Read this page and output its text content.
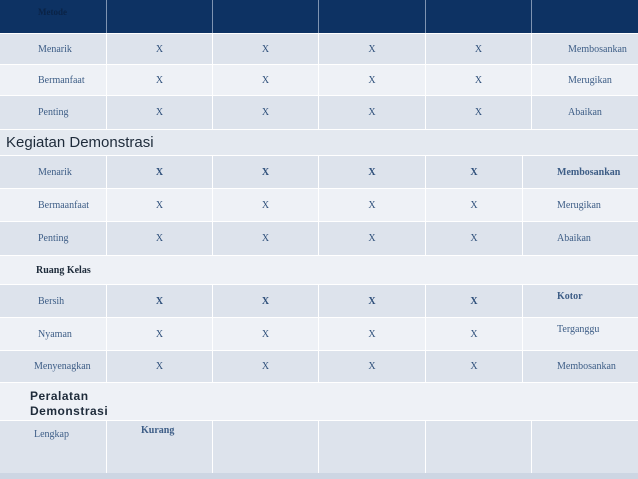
Metode
Menarik	X	X	X	X	Membosankan
Bermanfaat	X	X	X	X	Merugikan
Penting	X	X	X	X	Abaikan
Kegiatan Demonstrasi
Menarik	X	X	X	X	Membosankan
Bermaanfaat	X	X	X	X	Merugikan
Penting	X	X	X	X	Abaikan
Ruang Kelas
Bersih	X	X	X	X	Kotor
Nyaman	X	X	X	X	Terganggu
Menyenagkan	X	X	X	X	Membosankan
Peralatan
Demonstrasi
Lengkap	Kurang
